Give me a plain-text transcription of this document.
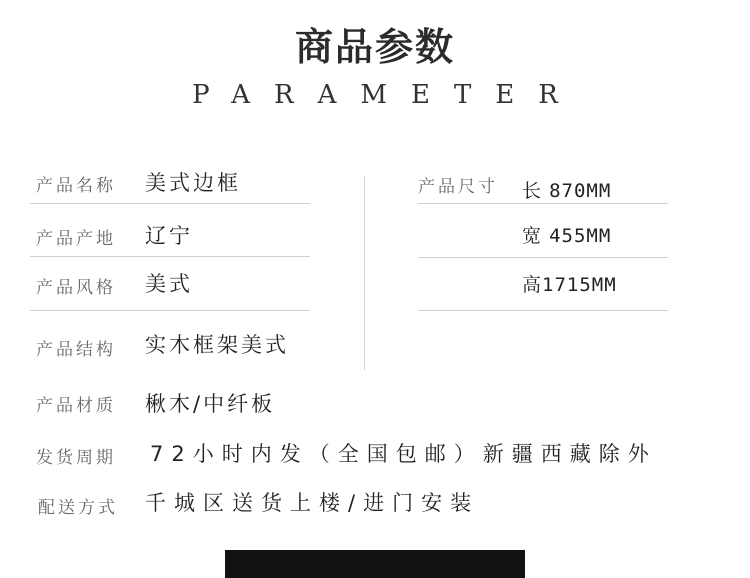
商品参数
PARAMETER
产品名称 美式边框
产品产地 辽宁
产品风格 美式
产品结构 实木框架美式
产品材质 楸木/中纤板
发货周期 72小时内发（全国包邮）新疆西藏除外
配送方式 千城区送货上楼/进门安装
产品尺寸 长 870MM
宽 455MM
高1715MM
